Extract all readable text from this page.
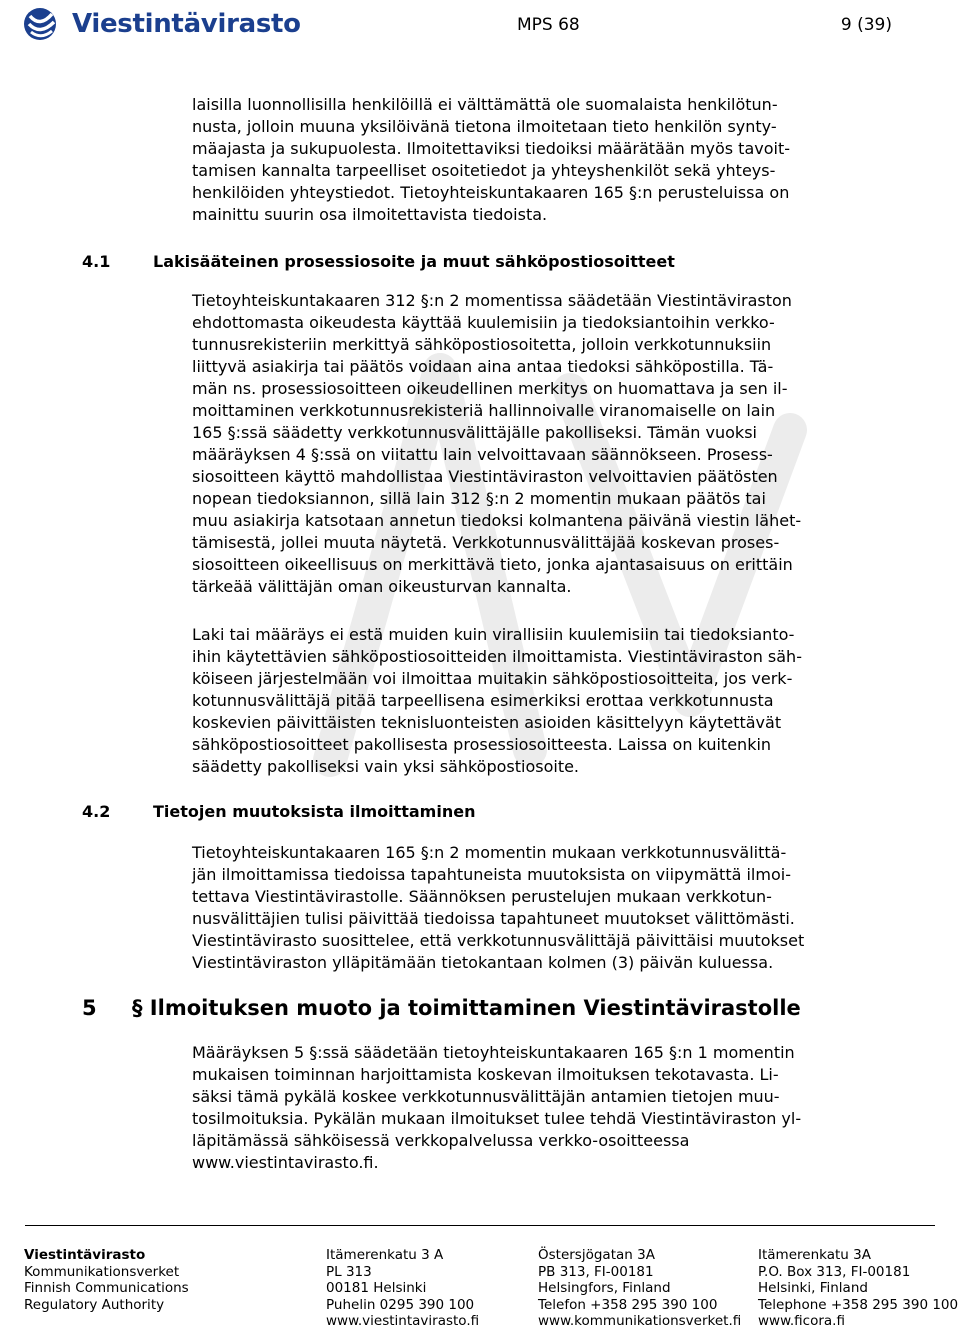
Viestintävirasto	MPS 68	9 (39)

laisilla luonnollisilla henkilöillä ei välttämättä ole suomalaista henkilötun-
nusta, jolloin muuna yksilöivänä tietona ilmoitetaan tieto henkilön synty-
mäajasta ja sukupuolesta. Ilmoitettaviksi tiedoiksi määrätään myös tavoit-
tamisen kannalta tarpeelliset osoitetiedot ja yhteyshenkilöt sekä yhteys-
henkilöiden yhteystiedot. Tietoyhteiskuntakaaren 165 §:n perusteluissa on
mainittu suurin osa ilmoitettavista tiedoista.

4.1	Lakisääteinen prosessiosoite ja muut sähköpostiosoitteet

Tietoyhteiskuntakaaren 312 §:n 2 momentissa säädetään Viestintäviraston
ehdottomasta oikeudesta käyttää kuulemisiin ja tiedoksiantoihin verkko-
tunnusrekisteriin merkittyä sähköpostiosoitetta, jolloin verkkotunnuksiin
liittyvä asiakirja tai päätös voidaan aina antaa tiedoksi sähköpostilla. Tä-
män ns. prosessiosoitteen oikeudellinen merkitys on huomattava ja sen il-
moittaminen verkkotunnusrekisteriä hallinnoivalle viranomaiselle on lain
165 §:ssä säädetty verkkotunnusvälittäjälle pakolliseksi. Tämän vuoksi
määräyksen 4 §:ssä on viitattu lain velvoittavaan säännökseen. Prosess-
siosoitteen käyttö mahdollistaa Viestintäviraston velvoittavien päätösten
nopean tiedoksiannon, sillä lain 312 §:n 2 momentin mukaan päätös tai
muu asiakirja katsotaan annetun tiedoksi kolmantena päivänä viestin lähet-
tämisestä, jollei muuta näytetä. Verkkotunnusvälittäjää koskevan proses-
siosoitteen oikeellisuus on merkittävä tieto, jonka ajantasaisuus on erittäin
tärkeää välittäjän oman oikeusturvan kannalta.

Laki tai määräys ei estä muiden kuin virallisiin kuulemisiin tai tiedoksianto-
ihin käytettävien sähköpostiosoitteiden ilmoittamista. Viestintäviraston säh-
köiseen järjestelmään voi ilmoittaa muitakin sähköpostiosoitteita, jos verk-
kotunnusvälittäjä pitää tarpeellisena esimerkiksi erottaa verkkotunnusta
koskevien päivittäisten teknisluonteisten asioiden käsittelyyn käytettävät
sähköpostiosoitteet pakollisesta prosessiosoitteesta. Laissa on kuitenkin
säädetty pakolliseksi vain yksi sähköpostiosoite.

4.2	Tietojen muutoksista ilmoittaminen

Tietoyhteiskuntakaaren 165 §:n 2 momentin mukaan verkkotunnusvälittä-
jän ilmoittamissa tiedoissa tapahtuneista muutoksista on viipymättä ilmoi-
tettava Viestintävirastolle. Säännöksen perustelujen mukaan verkkotun-
nusvälittäjien tulisi päivittää tiedoissa tapahtuneet muutokset välittömästi.
Viestintävirasto suosittelee, että verkkotunnusvälittäjä päivittäisi muutokset
Viestintäviraston ylläpitämään tietokantaan kolmen (3) päivän kuluessa.

5 § Ilmoituksen muoto ja toimittaminen Viestintävirastolle

Määräyksen 5 §:ssä säädetään tietoyhteiskuntakaaren 165 §:n 1 momentin
mukaisen toiminnan harjoittamista koskevan ilmoituksen tekotavasta. Li-
säksi tämä pykälä koskee verkkotunnusvälittäjän antamien tietojen muu-
tosilmoituksia. Pykälän mukaan ilmoitukset tulee tehdä Viestintäviraston yl-
läpitämässä sähköisessä verkkopalvelussa verkko-osoitteessa
www.viestintavirasto.fi.

Viestintävirasto
Kommunikationsverket
Finnish Communications
Regulatory Authority
Itämerenkatu 3 A
PL 313
00181 Helsinki
Puhelin 0295 390 100
www.viestintavirasto.fi
Östersjögatan 3A
PB 313, FI-00181
Helsingfors, Finland
Telefon +358 295 390 100
www.kommunikationsverket.fi
Itämerenkatu 3A
P.O. Box 313, FI-00181
Helsinki, Finland
Telephone +358 295 390 100
www.ficora.fi
